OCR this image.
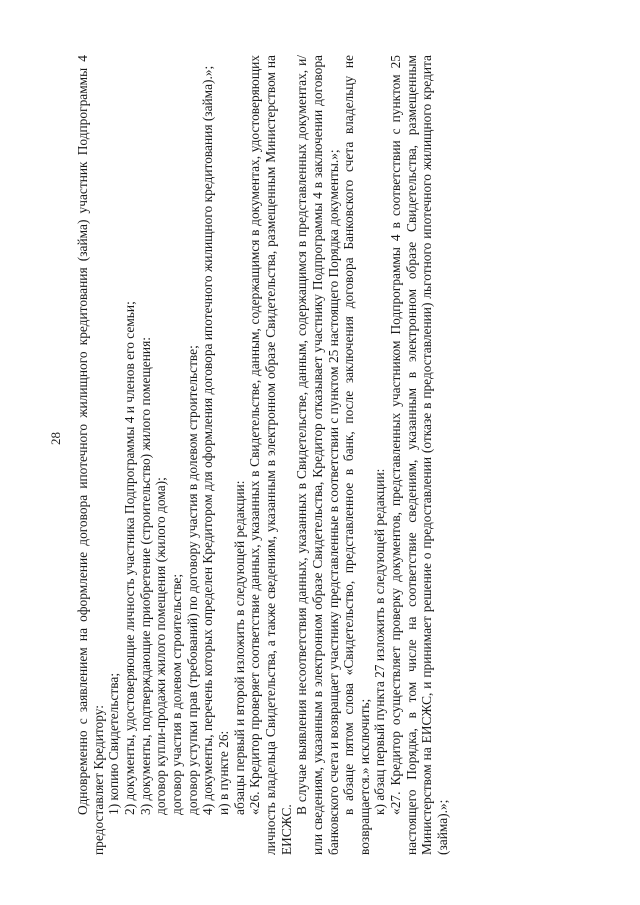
28 Одновременно с заявлением на оформление договора ипотечного жилищного кредитования (займа) участник Подпрограммы 4 предоставляет Кредитору: 1) копию Свидетельства; 2) документы, удостоверяющие личность участника Подпрограммы 4 и членов его семьи; 3) документы, подтверждающие приобретение (строительство) жилого помещения: договор купли-продажи жилого помещения (жилого дома); договор участия в долевом строительстве; договор уступки прав (требований) по договору участия в долевом строительстве; 4) документы, перечень которых определен Кредитором для оформления договора ипотечного жилищного кредитования (займа).»; и) в пункте 26: абзацы первый и второй изложить в следующей редакции: «26. Кредитор проверяет соответствие данных, указанных в Свидетельстве, данным, содержащимся в документах, удостоверяющих личность владельца Свидетельства, а также сведениям, указанным в электронном образе Свидетельства, размещенным Министерством на ЕИСЖС.

В случае выявления несоответствия данных, указанных в Свидетельстве, данным, содержащимся в представленных документах, и/или сведениям, указанным в электронном образе Свидетельства, Кредитор отказывает участнику Подпрограммы 4 в заключении договора банковского счета и возвращает участнику представленные в соответствии с пунктом 25 настоящего Порядка документы.»; в абзаце пятом слова «Свидетельство, представленное в банк, после заключения договора Банковского счета владельцу не возвращается.» исключить; к) абзац первый пункта 27 изложить в следующей редакции: «27. Кредитор осуществляет проверку документов, представленных участником Подпрограммы 4 в соответствии с пунктом 25 настоящего Порядка, в том числе на соответствие сведениям, указанным в электронном образе Свидетельства, размещенным Министерством на ЕИСЖС, и принимает решение о предоставлении (отказе в предоставлении) льготного ипотечного жилищного кредита (займа).»;
